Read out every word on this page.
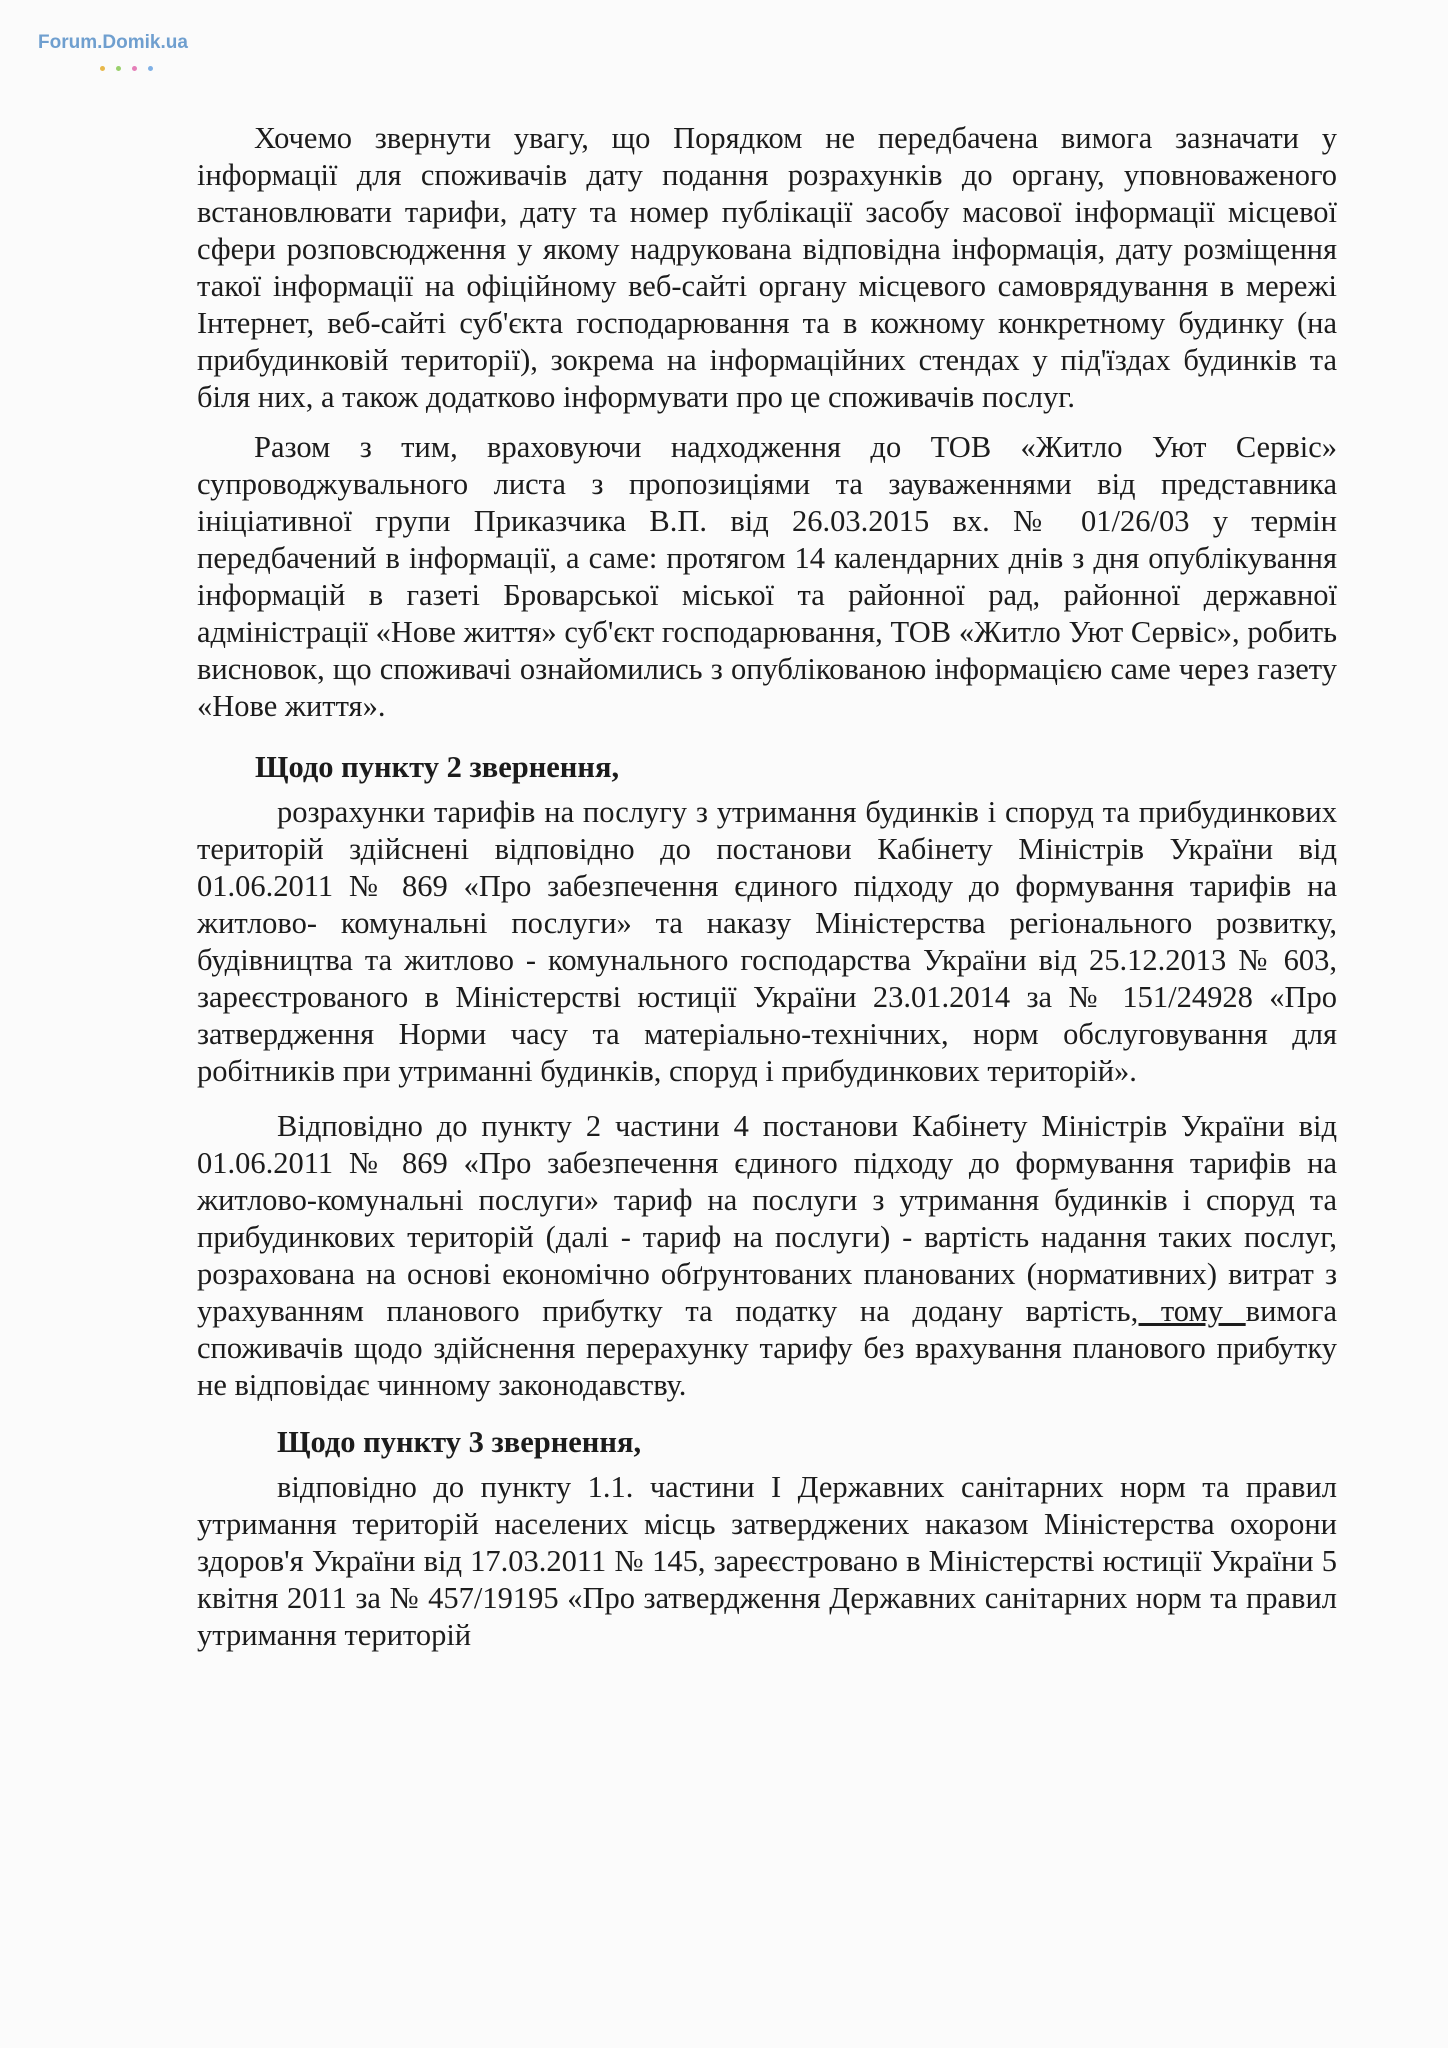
Forum.Domik.ua

Хочемо звернути увагу, що Порядком не передбачена вимога зазначати у інформації для споживачів дату подання розрахунків до органу, уповноваженого встановлювати тарифи, дату та номер публікації засобу масової інформації місцевої сфери розповсюдження у якому надрукована відповідна інформація, дату розміщення такої інформації на офіційному веб-сайті органу місцевого самоврядування в мережі Інтернет, веб-сайті суб'єкта господарювання та в кожному конкретному будинку (на прибудинковій території), зокрема на інформаційних стендах у під'їздах будинків та біля них, а також додатково інформувати про це споживачів послуг.

Разом з тим, враховуючи надходження до ТОВ «Житло Уют Сервіс» супроводжувального листа з пропозиціями та зауваженнями від представника ініціативної групи Приказчика В.П. від 26.03.2015 вх. № 01/26/03 у термін передбачений в інформації, а саме: протягом 14 календарних днів з дня опублікування інформацій в газеті Броварської міської та районної рад, районної державної адміністрації «Нове життя» суб'єкт господарювання, ТОВ «Житло Уют Сервіс», робить висновок, що споживачі ознайомились з опублікованою інформацією саме через газету «Нове життя».

Щодо пункту 2 звернення,

розрахунки тарифів на послугу з утримання будинків і споруд та прибудинкових територій здійснені відповідно до постанови Кабінету Міністрів України від 01.06.2011 № 869 «Про забезпечення єдиного підходу до формування тарифів на житлово- комунальні послуги» та наказу Міністерства регіонального розвитку, будівництва та житлово - комунального господарства України від 25.12.2013 № 603, зареєстрованого в Міністерстві юстиції України 23.01.2014 за № 151/24928 «Про затвердження Норми часу та матеріально-технічних, норм обслуговування для робітників при утриманні будинків, споруд і прибудинкових територій».

Відповідно до пункту 2 частини 4 постанови Кабінету Міністрів України від 01.06.2011 № 869 «Про забезпечення єдиного підходу до формування тарифів на житлово-комунальні послуги» тариф на послуги з утримання будинків і споруд та прибудинкових територій (далі - тариф на послуги) - вартість надання таких послуг, розрахована на основі економічно обґрунтованих планованих (нормативних) витрат з урахуванням планового прибутку та податку на додану вартість, тому вимога споживачів щодо здійснення перерахунку тарифу без врахування планового прибутку не відповідає чинному законодавству.

Щодо пункту 3 звернення,

відповідно до пункту 1.1. частини І Державних санітарних норм та правил утримання територій населених місць затверджених наказом Міністерства охорони здоров'я України від 17.03.2011 № 145, зареєстровано в Міністерстві юстиції України 5 квітня 2011 за № 457/19195 «Про затвердження Державних санітарних норм та правил утримання територій
